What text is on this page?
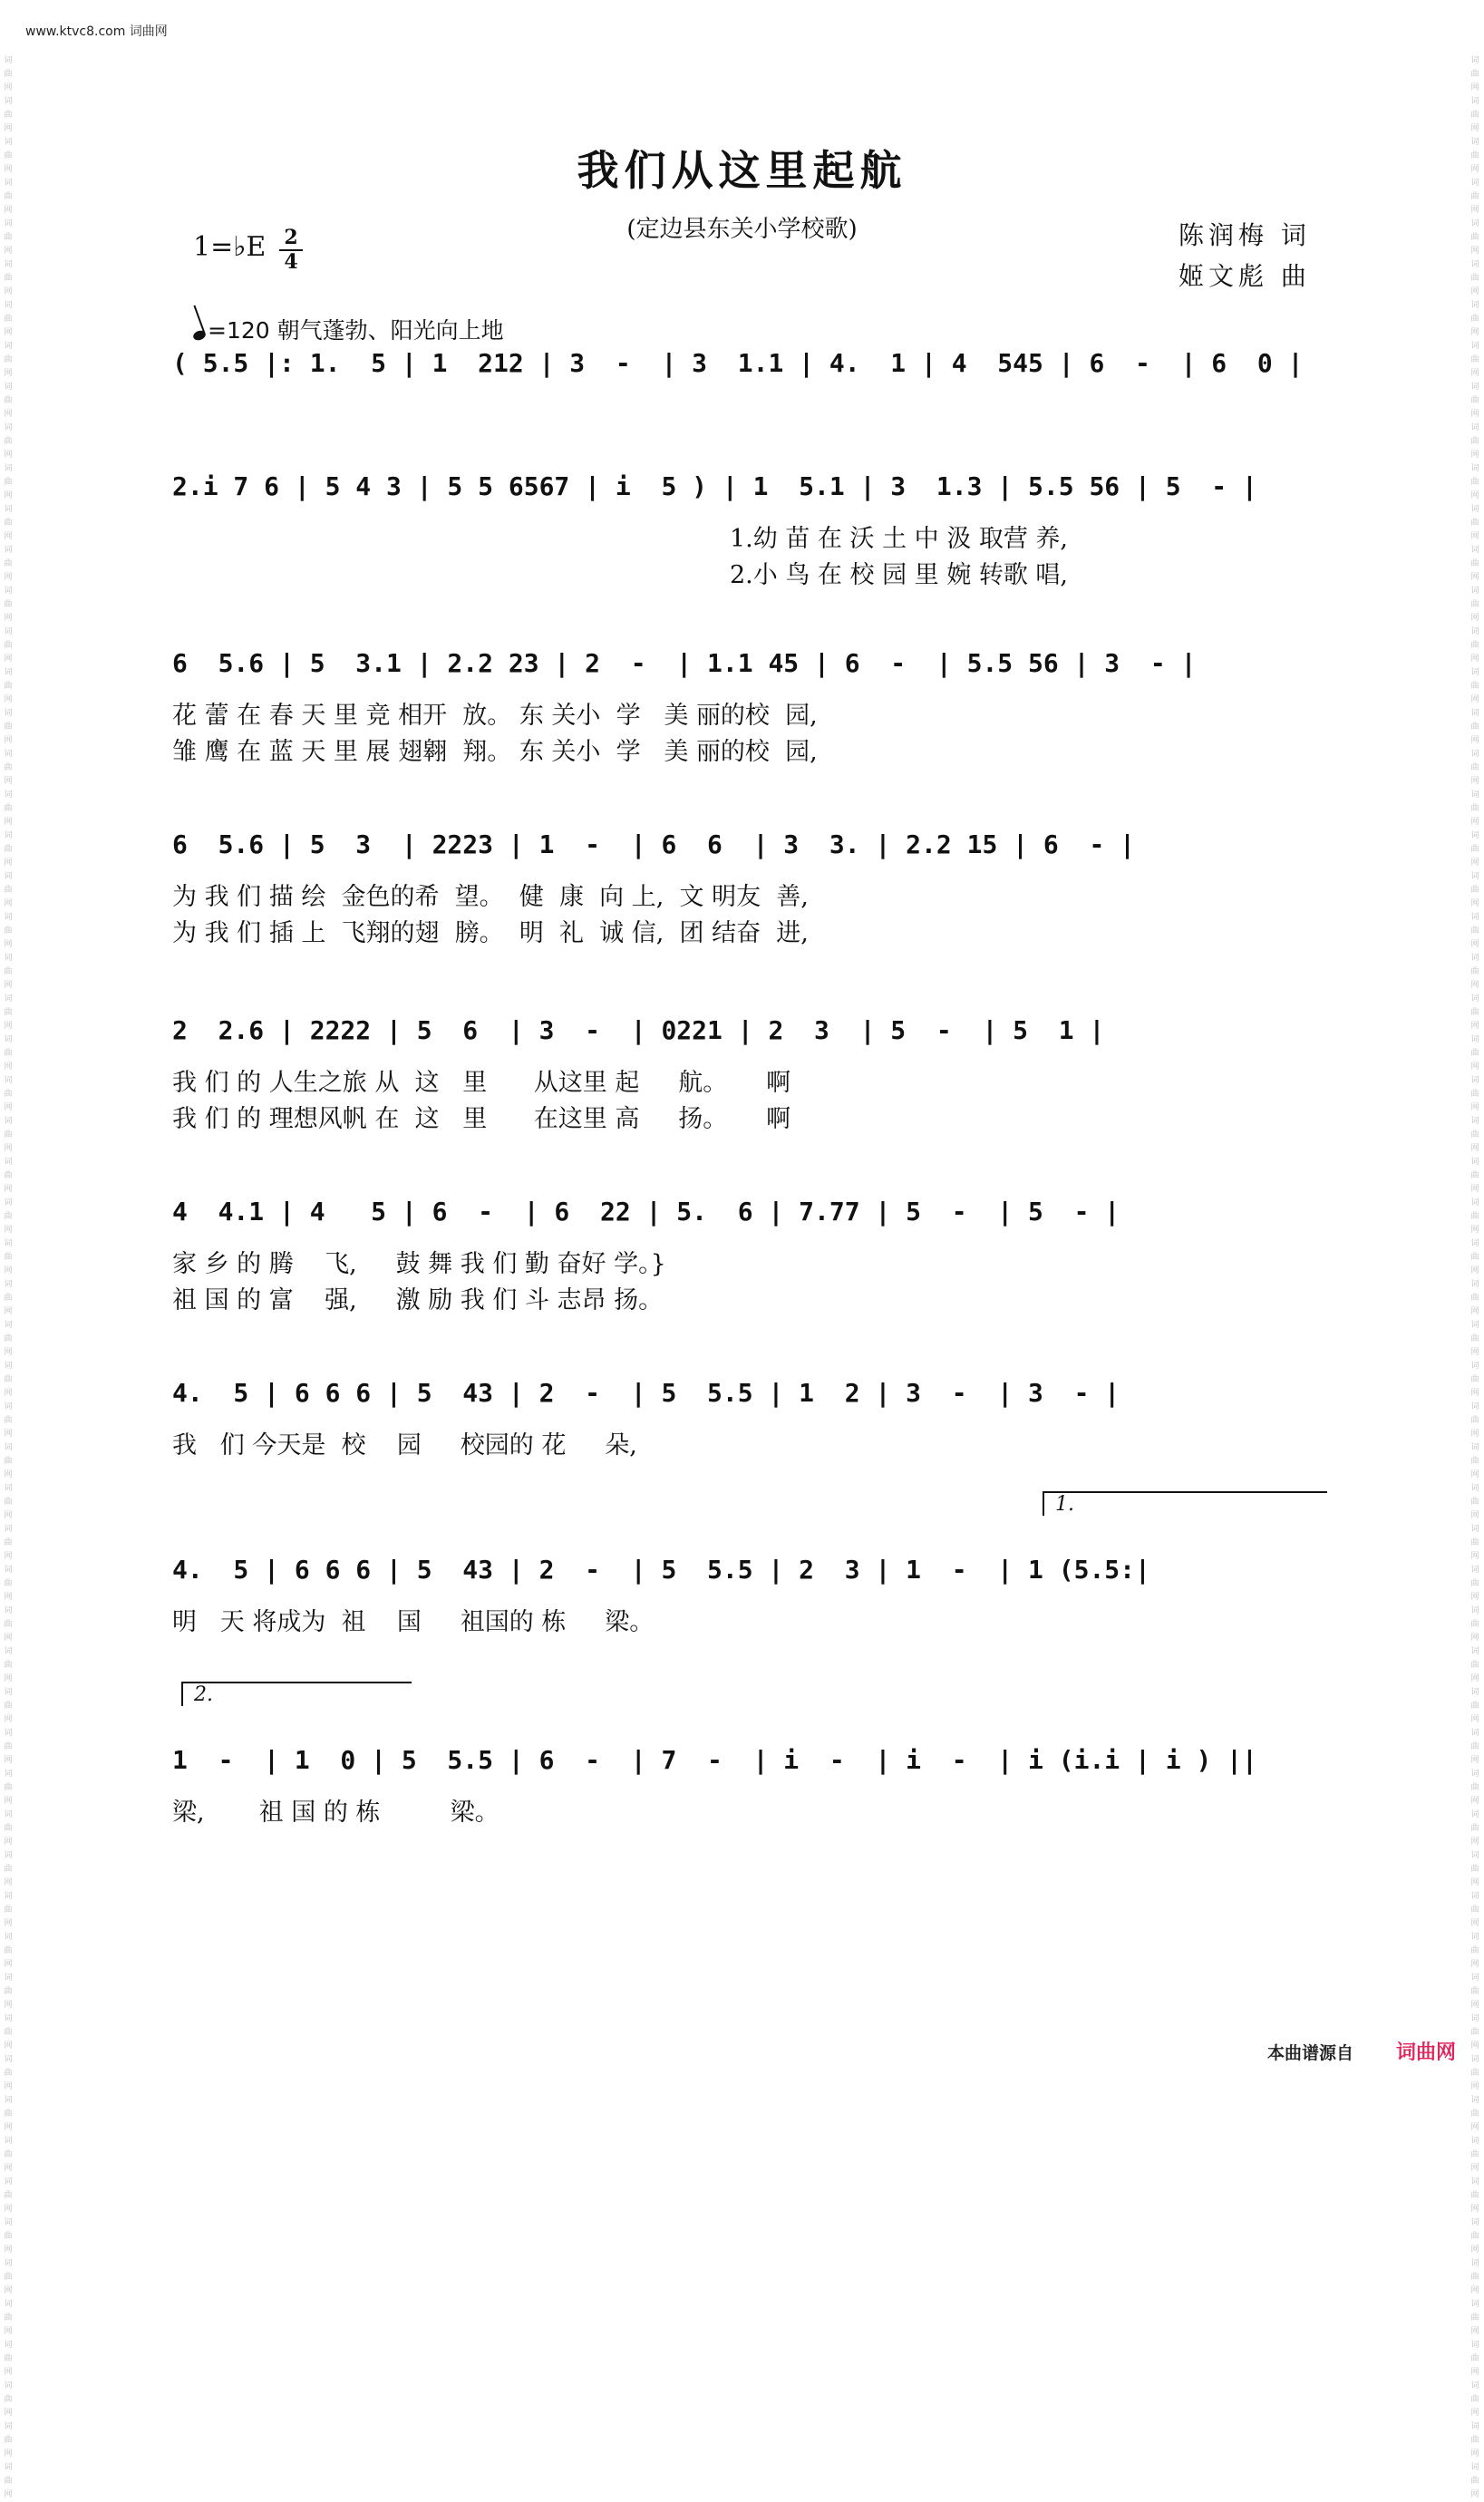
www.ktvc8.com 词曲网
词曲网词曲网词曲网词曲网词曲网词曲网词曲网词曲网词曲网词曲网词曲网词曲网词曲网词曲网词曲网词曲网词曲网词曲网词曲网词曲网词曲网词曲网词曲网词曲网词曲网词曲网词曲网词曲网词曲网词曲网词曲网词曲网词曲网词曲网词曲网词曲网词曲网词曲网词曲网词曲网词曲网词曲网词曲网词曲网词曲网词曲网词曲网词曲网词曲网词曲网词曲网词曲网词曲网词曲网词曲网词曲网词曲网词曲网词曲网词曲网
词曲网词曲网词曲网词曲网词曲网词曲网词曲网词曲网词曲网词曲网词曲网词曲网词曲网词曲网词曲网词曲网词曲网词曲网词曲网词曲网词曲网词曲网词曲网词曲网词曲网词曲网词曲网词曲网词曲网词曲网词曲网词曲网词曲网词曲网词曲网词曲网词曲网词曲网词曲网词曲网词曲网词曲网词曲网词曲网词曲网词曲网词曲网词曲网词曲网词曲网词曲网词曲网词曲网词曲网词曲网词曲网词曲网词曲网词曲网词曲网
我们从这里起航
(定边县东关小学校歌)	陈润梅 词
姬文彪 曲
1=♭E 2
4
=120 朝气蓬勃、阳光向上地
( 5.5 |: 1.  5 | 1  212 | 3  -  | 3  1.1 | 4.  1 | 4  545 | 6  -  | 6  0 |
2.i 7 6 | 5 4 3 | 5 5 6567 | i  5 ) | 1  5.1 | 3  1.3 | 5.5 56 | 5  - |
1.幼 苗 在 沃 土 中 汲 取营 养,
2.小 鸟 在 校 园 里 婉 转歌 唱,
6  5.6 | 5  3.1 | 2.2 23 | 2  -  | 1.1 45 | 6  -  | 5.5 56 | 3  - |
花 蕾 在 春 天 里 竞 相开  放。 东 关小  学   美 丽的校  园,
雏 鹰 在 蓝 天 里 展 翅翱  翔。 东 关小  学   美 丽的校  园,
6  5.6 | 5  3  | 2223 | 1  -  | 6  6  | 3  3. | 2.2 15 | 6  - |
为 我 们 描 绘  金色的希  望。  健  康  向 上,  文 明友  善,
为 我 们 插 上  飞翔的翅  膀。  明  礼  诚 信,  团 结奋  进,
2  2.6 | 2222 | 5  6  | 3  -  | 0221 | 2  3  | 5  -  | 5  1 |
我 们 的 人生之旅 从  这   里      从这里 起     航。     啊
我 们 的 理想风帆 在  这   里      在这里 高     扬。     啊
4  4.1 | 4   5 | 6  -  | 6  22 | 5.  6 | 7.77 | 5  -  | 5  - |
家 乡 的 腾    飞,     鼓 舞 我 们 勤 奋好 学。}
祖 国 的 富    强,     激 励 我 们 斗 志昂 扬。
4.  5 | 6 6 6 | 5  43 | 2  -  | 5  5.5 | 1  2 | 3  -  | 3  - |
我   们 今天是  校    园     校园的 花     朵,
4.  5 | 6 6 6 | 5  43 | 2  -  | 5  5.5 | 2  3 | 1  -  | 1 (5.5:|
1.
明   天 将成为  祖    国     祖国的 栋     梁。
1  -  | 1  0 | 5  5.5 | 6  -  | 7  -  | i  -  | i  -  | i (i.i | i ) ||
2.
梁,       祖 国 的 栋         梁。
本曲谱源自 词曲网
